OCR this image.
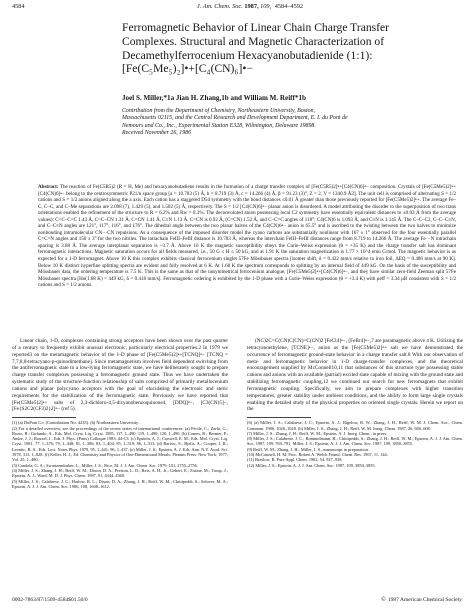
4584	J. Am. Chem. Soc. 1987, 109, 4584–4592
Ferromagnetic Behavior of Linear Chain Charge Transfer
Complexes. Structural and Magnetic Characterization of
Decamethylferrocenium Hexacyanobutadienide (1:1):
[Fe(C₅Me₅)₂]•+[C₄(CN)₆]•−
Joel S. Miller,*1a Jian H. Zhang,1b and William M. Reiff*1b
Contribution from the Department of Chemistry, Northeastern University, Boston,
Massachusetts 02115, and the Central Research and Development Department, E. I. du Pont de
Nemours and Co., Inc., Experimental Station E328, Wilmington, Delaware 19898.
Received November 26, 1986
Abstract: The reaction of Fe(C5R5)2 (R = H, Me) and hexacyanobutadiene results in the formation of a charge transfer complex of [Fe(C5R5)2]•+[C4(CN)6]•− composition. Crystals of [Fe(C5Me5)2]•+[C4(CN)6]•− belong to the centrosymmetric P21/n space group [a = 10.783 (5) Å, b = 8.719 (3) Å, c = 14.266 (4) Å, β = 91.23 (3)°, Z = 2, V = 1340.9 Å3]. The unit cell is comprised of alternating S = 1/2 cations and S = 1/2 anions aligned along the a axis. Each cation has a staggered D5d symmetry with the bond distances ≤0.01 Å greater than those previously reported for [Fe(C5Me5)2]•+. The average Fe–C, C–C, and C–Me separations are 2.098 (7), 1.429 (5), and 1.502 (5) Å, respectively. The S = 1/2 [C4(CN)6]•− planar anion is disordered. A model attributing the disorder to the superposition of two trans orientations enabled the refinement of the structure to R = 6.2% and Rw = 8.3%. The deconvoluted anion possessing local C2 symmetry have essentially equivalent distances to ±0.03 Å from the average values): C=C–C=C 1.43 Å, C=C–CN 1.31 Å, C=CN 1.41 Å, C≡N 1.13 Å. C=CN is 0.92 Å, (C=CN) 1.52 Å, and C–C=C angles of 118°; C4(CN)6 is 1.093 Å, and C≡N is 1.145 Å. The C–C–C2, C–C–C≡N, and C–C≡N angles are 121°, 117°, 116°, and 176°. The dihedral angle between the two planar halves of the C4(CN)6•− anion is 65.5° and is ascribed to the twisting between the two halves to minimize nonbonding intramolecular CN···CN repulsions. As a consequence of the imposed disorder model the cyano carbons are substantially nonlinear with 167 ± 1° observed for the four essentially parallel C=C=N angles and 150 ± 3° for the two nitriles. The intrachain FeIII–FeIII distance is 10.783 Å, whereas the interchain FeIII–FeIII distances range from 8.719 to 14.266 Å. The average Fe···N intrachain spacing is 3.88 Å. The average interplanar separation is ~3.7 Å. Above 16 K the magnetic susceptibility obeys the Curie–Weiss expression (θ = +35 K) and the charge transfer salt has dominant ferromagnetic interactions. Magnetic saturation occurs for all fields measured, i.e., 50 G ≤ H ≤ 50 kG, and at 1.91 K the saturation magnetization is 1.77 × 10^4 emu G/mol. The magnetic behavior is as expected for a 1-D ferromagnet. Above 10 K this complex exhibits classical ferrocenium singlet 57Fe Mössbauer spectra [isomer shift, δ = 0.422 mm/s relative to iron foil, ΔEQ = 0.486 mm/s at 90 K]. Below 10 K distinct hyperfine splitting spectra are evident and fully resolved at 6 K. At 1.68 K the spectrum corresponds to splitting by an internal field of 449 kG. On the basis of the susceptibility and Mössbauer data, the ordering temperature is 7.5 K. This is the same as that of the unsymmetrical ferrocenium analogue, [Fe(C5Me5)2]•+[C4(CN)6]•−, and they have similar zero-field Zeeman split 57Fe Mössbauer spectra [Ho(1.68 K) = 449 kG, δ = 0.418 mm/s]. Ferromagnetic ordering is exhibited by the 1-D phase with a Curie–Weiss expression (θ = +3.4 K) with μeff = 3.34 μB consistent with S = 1/2 cations and S = 1/2 anions.
Linear chain, 1-D, complexes containing strong acceptors have been shown over the past quarter of a century to frequently exhibit unusual electronic, particularly electrical properties.2 In 1979 we reported3 on the metamagnetic behavior of the 1-D phase of [Fe(C5Me5)2]•+[TCNQ]•− [TCNQ = 7,7,8,8-tetracyano-p-quinodimethane]. Since metamagnetism involves field dependent switching from the antiferromagnetic state to a low-lying ferromagnetic state, we have deliberately sought to prepare charge transfer complexes possessing a ferromagnetic ground state. Thus we have undertaken the systematic study of the structure-function relationship of salts comprised of primarily metallocenium cations and planar polycyano acceptors with the goal of elucidating the electronic and steric requirements for the stabilization of the ferromagnetic state. Previously we have reported that [Fe(C5Me5)2]•+ salts of 2,3-dichloro-4,5-dicyanobenzoquinone4, [DDQ]•−, [C3(CN)5]−, [Fe{S2C2(CF3)2}2]•− (ref 5).

(1) (a) DuPont Co. (Contribution No. 4235). (b) Northeastern University.

(2) For a detailed overview, see the proceedings of the recent series of international conferences: (a) Pecile, C.; Zerbi, G.; Bozio, R.; Girlando, A., Eds. Mol. Cryst. Liq. Cryst. 1985, 117, 1–490; 119, 1–490; 120, 1–490. (b) Comes, R.; Bernier, P.; Andre, J. J.; Rouxel, J., Eds. J. Phys. (Paris) Colloque 1983, 44-C3. (c) Epstein, A. J.; Conwell, E. M., Eds. Mol. Cryst. Liq. Cryst. 1981, 77, 1–376; 79, 1–448; 81, 1–386; 83, 1–404; 85, 1–319; 86, 1–313. (d) Barisic, S.; Bjelis, A.; Cooper, J. R.; Leontic, B. A., Eds. Lect. Notes Phys. 1979, 95, 1–441; 96, 1–437. (e) Miller, J. S.; Epstein, A. J. Eds. Ann. N.Y. Acad. Sci. 1978, 313, 1–828. (f) Keller, H. J., Ed. Chemistry and Physics of One-Dimensional Metals; Plenum Press: New York, 1977; Vol. 25, 1–480.

(3) Candela, G. A.; Swartzendruber, L.; Miller, J. S.; Rice, M. J. J. Am. Chem. Soc. 1979, 101, 2755–2756.

(4) Miller, J. S.; Zhang, J. H.; Reiff, W. M.; Dixon, D. A.; Preston, L. D.; Reis, A. H., Jr.; Gebert, E.; Extine, M.; Troup, J.; Epstein, A. J.; Ward, M. D. J. Phys. Chem. 1987, 91, 4344–4360.

(5) Miller, J. S.; Calabrese, J. C.; Harlow, R. L.; Dixon, D. A.; Zhang, J. H.; Reiff, W. M.; Chittipeddi, S.; Selover, M. A.; Epstein, A. J. J. Am. Chem. Soc. 1986, 108, 1608–1612.

(NC)2C=C(CN)C(CN)=C(CN)2 [FeCl4]•−, [FeBr4]•−,7 are paramagnetic above 4 K. Utilizing the tetracyanoethylene, [TCNE]•−, anion as the [Fe(C5Me5)2]•+ salt we have demonstrated the occurrence of ferromagnetic ground-state behavior in a charge transfer salt.8 With our observation of meta- and ferromagnetic behavior in 1-D charge-transfer complexes, and the theoretical encouragement supplied by McConnell10,11 that substances of this structure type possessing stable cations and anions with an available (partial) excited state capable of mixing with the ground state and stabilizing ferromagnetic coupling,12 we continued our search for new ferromagnets that exhibit ferromagnetic coupling. Specifically, we aim to prepare complexes with higher transition temperatures, greater stability under ambient conditions, and the ability to form large single crystals enabling the detailed study of the physical properties on oriented single crystals. Herein we report on the

(6) (a) Miller, J. S.; Calabrese, J. C.; Epstein, A. J.; Bigelow, R. W.; Zhang, J. H.; Reiff, W. M. J. Chem. Soc., Chem. Commun. 1986, 1026–1028. (b) Miller, J. S.; Zhang, J. H.; Reiff, W. M. Inorg. Chem. 1987, 26, 600–608.

(7) Miller, J. S.; Zhang, J. H.; Reiff, W. M.; Epstein, A. J. Inorg. Chem., in press.

(8) Miller, J. S.; Calabrese, J. C.; Rommelmann, H.; Chittipeddi, S.; Zhang, J. H.; Reiff, W. M.; Epstein, A. J. J. Am. Chem. Soc. 1987, 109, 769–781. Miller, J. S.; Epstein, A. J. J. Am. Chem. Soc. 1987, 109, 3850–3855.

(9) Reiff, W. M.; Zhang, J. H.; Miller, J. S., manuscript in preparation.

(10) McConnell, H. M. Proc. Robert A. Welch Found. Chem. Res. 1967, 11, 144.

(11) Breslow, R. Pure Appl. Chem. 1982, 54, 927–938.

(12) Miller, J. S.; Epstein, A. J. J. Am. Chem. Soc. 1987, 109, 3850–3855.

0002-7863/87/1509-4584$01.50/0	© 1987 American Chemical Society
